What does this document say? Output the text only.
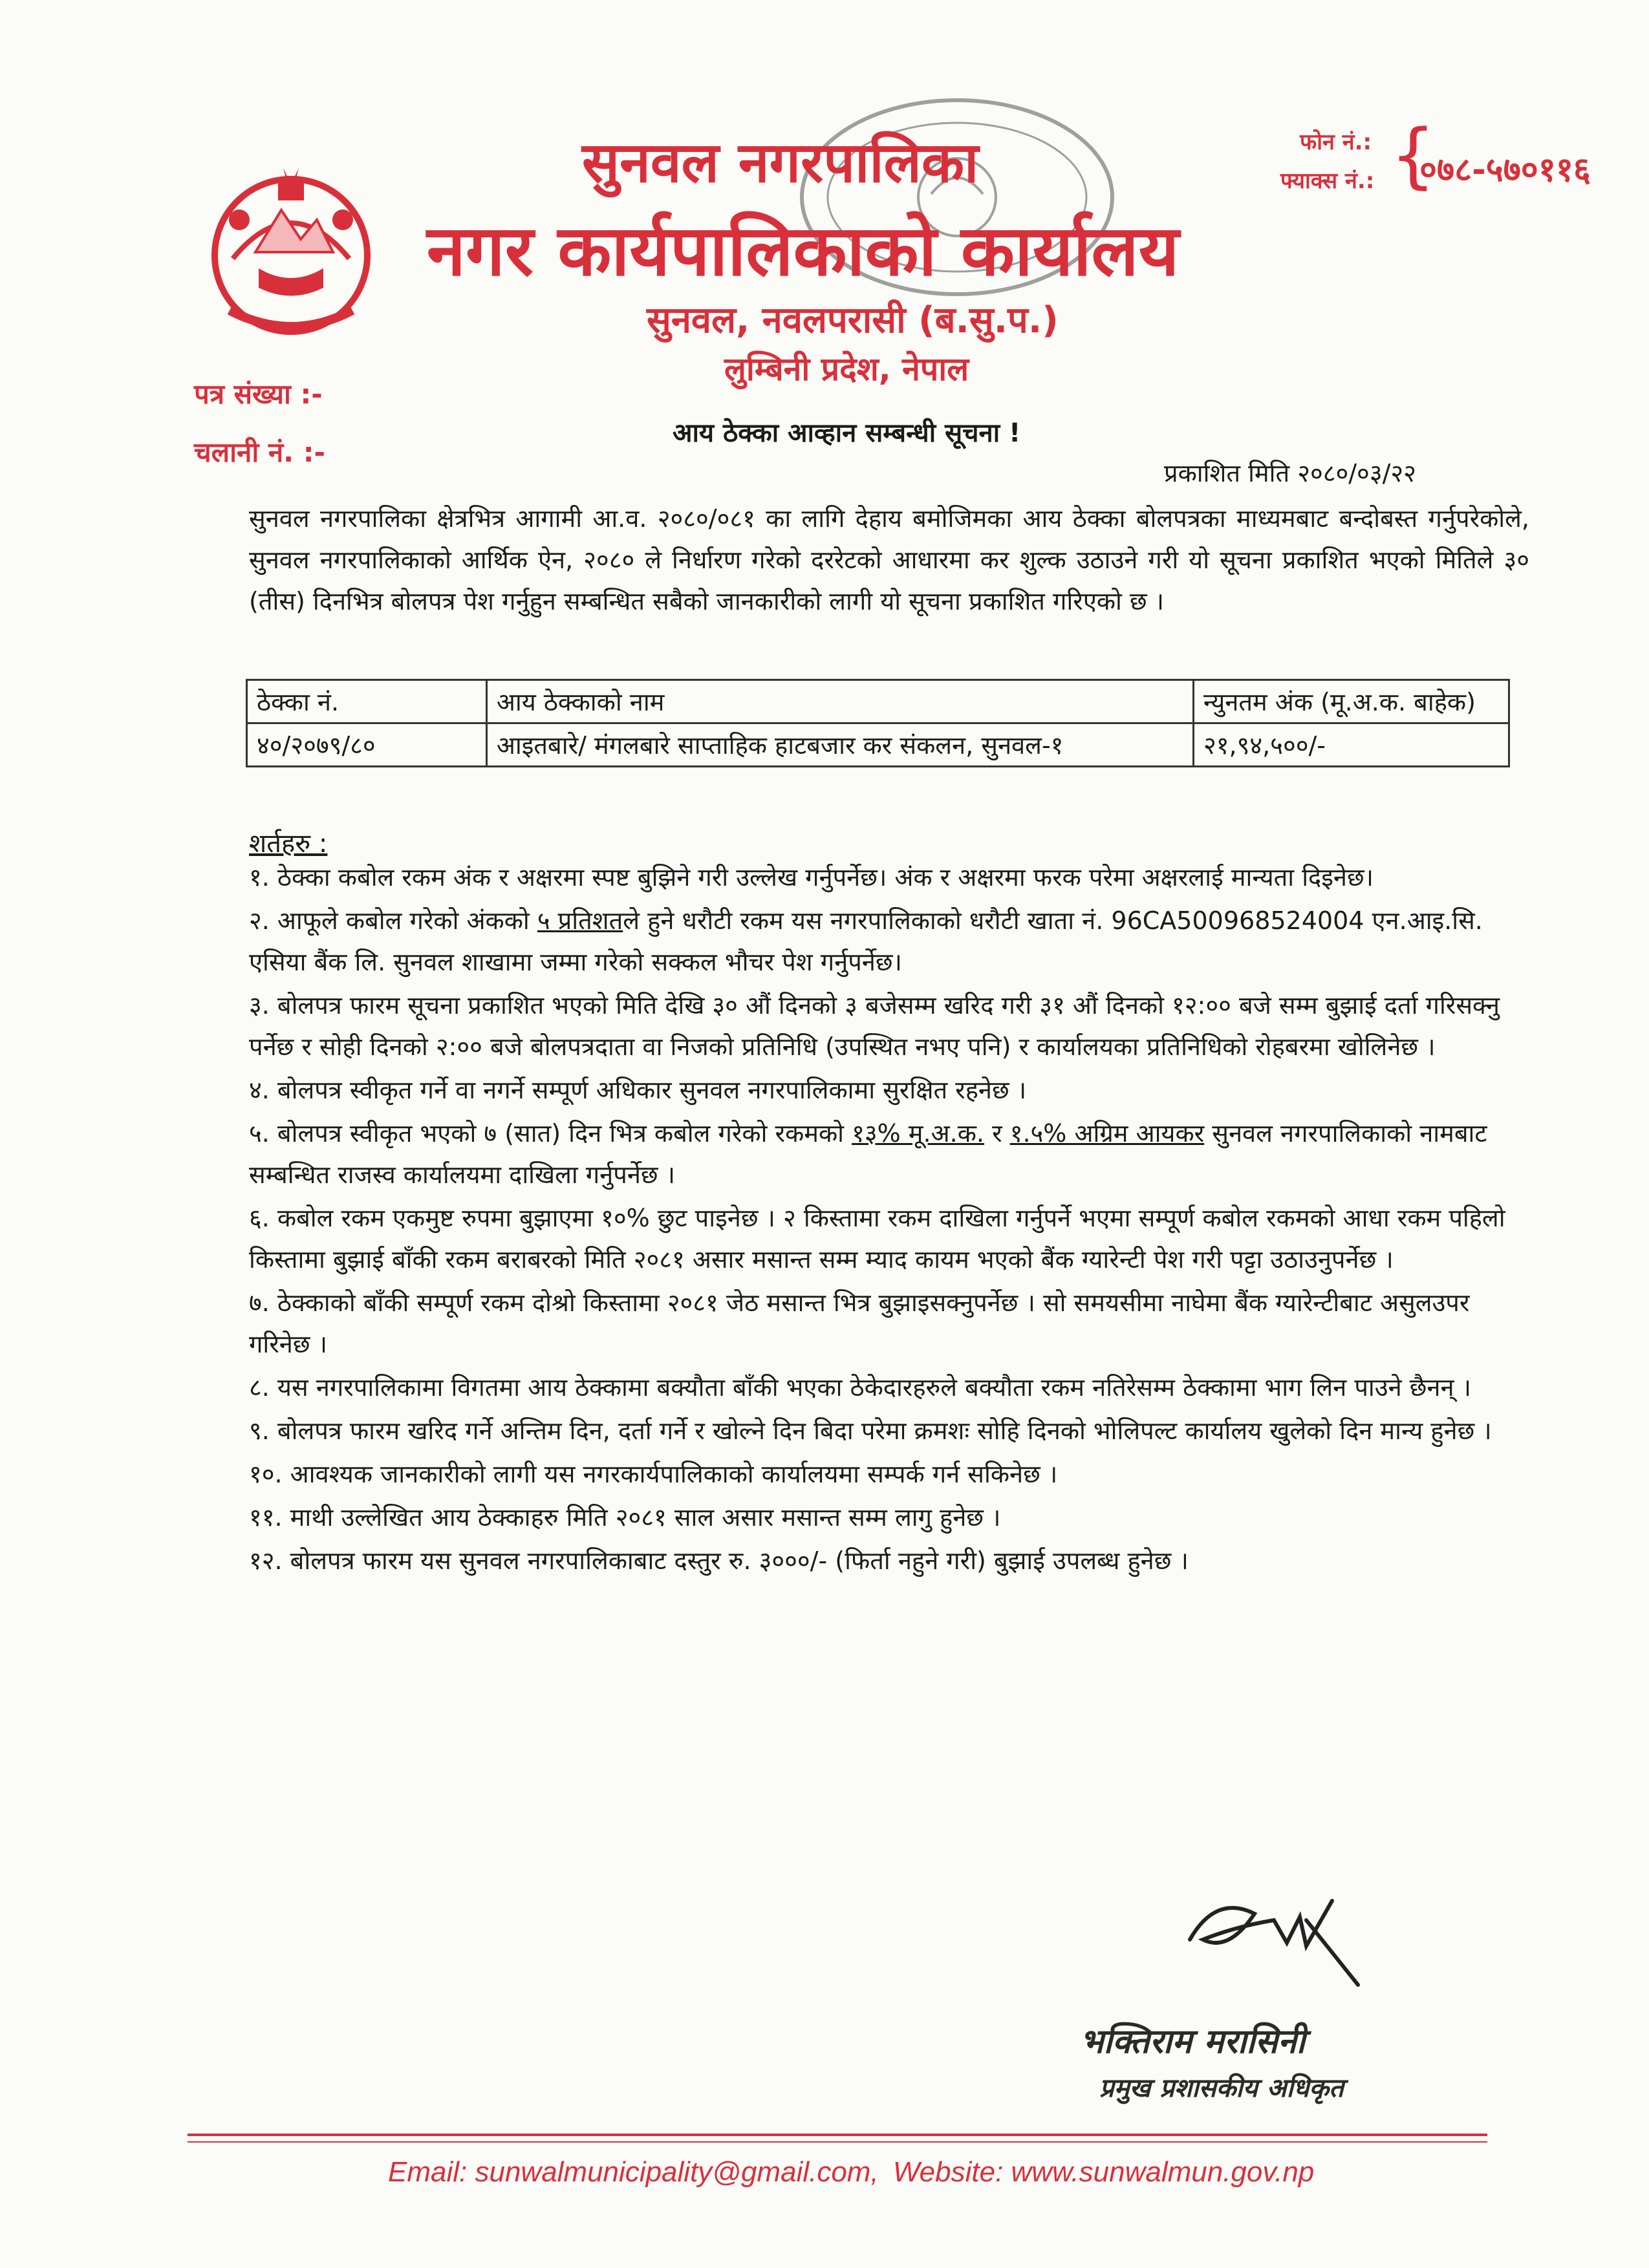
सुनवल नगरपालिका
नगर कार्यपालिकाको कार्यालय
सुनवल, नवलपरासी (ब.सु.प.)
लुम्बिनी प्रदेश, नेपाल
फोन नं.:
फ्याक्स नं.: {
०७८-५७०११६
पत्र संख्या :-
चलानी नं. :-
आय ठेक्का आव्हान सम्बन्धी सूचना !
प्रकाशित मिति २०८०/०३/२२
सुनवल नगरपालिका क्षेत्रभित्र आगामी आ.व. २०८०/०८१ का लागि देहाय बमोजिमका आय ठेक्का बोलपत्रका माध्यमबाट बन्दोबस्त गर्नुपरेकोले, सुनवल नगरपालिकाको आर्थिक ऐन, २०८० ले निर्धारण गरेको दररेटको आधारमा कर शुल्क उठाउने गरी यो सूचना प्रकाशित भएको मितिले ३० (तीस) दिनभित्र बोलपत्र पेश गर्नुहुन सम्बन्धित सबैको जानकारीको लागी यो सूचना प्रकाशित गरिएको छ ।
ठेक्का नं.	आय ठेक्काको नाम	न्युनतम अंक (मू.अ.क. बाहेक)
४०/२०७९/८०	आइतबारे/ मंगलबारे साप्ताहिक हाटबजार कर संकलन, सुनवल-१	२१,९४,५००/-
शर्तहरु :

१. ठेक्का कबोल रकम अंक र अक्षरमा स्पष्ट बुझिने गरी उल्लेख गर्नुपर्नेछ। अंक र अक्षरमा फरक परेमा अक्षरलाई मान्यता दिइनेछ।

२. आफूले कबोल गरेको अंकको ५ प्रतिशतले हुने धरौटी रकम यस नगरपालिकाको धरौटी खाता नं. 96CA500968524004 एन.आइ.सि. एसिया बैंक लि. सुनवल शाखामा जम्मा गरेको सक्कल भौचर पेश गर्नुपर्नेछ।

३. बोलपत्र फारम सूचना प्रकाशित भएको मिति देखि ३० औं दिनको ३ बजेसम्म खरिद गरी ३१ औं दिनको १२:०० बजे सम्म बुझाई दर्ता गरिसक्नु पर्नेछ र सोही दिनको २:०० बजे बोलपत्रदाता वा निजको प्रतिनिधि (उपस्थित नभए पनि) र कार्यालयका प्रतिनिधिको रोहबरमा खोलिनेछ ।

४. बोलपत्र स्वीकृत गर्ने वा नगर्ने सम्पूर्ण अधिकार सुनवल नगरपालिकामा सुरक्षित रहनेछ ।

५. बोलपत्र स्वीकृत भएको ७ (सात) दिन भित्र कबोल गरेको रकमको १३% मू.अ.क. र १.५% अग्रिम आयकर सुनवल नगरपालिकाको नामबाट सम्बन्धित राजस्व कार्यालयमा दाखिला गर्नुपर्नेछ ।

६. कबोल रकम एकमुष्ट रुपमा बुझाएमा १०% छुट पाइनेछ । २ किस्तामा रकम दाखिला गर्नुपर्ने भएमा सम्पूर्ण कबोल रकमको आधा रकम पहिलो किस्तामा बुझाई बाँकी रकम बराबरको मिति २०८१ असार मसान्त सम्म म्याद कायम भएको बैंक ग्यारेन्टी पेश गरी पट्टा उठाउनुपर्नेछ ।

७. ठेक्काको बाँकी सम्पूर्ण रकम दोश्रो किस्तामा २०८१ जेठ मसान्त भित्र बुझाइसक्नुपर्नेछ । सो समयसीमा नाघेमा बैंक ग्यारेन्टीबाट असुलउपर गरिनेछ ।

८. यस नगरपालिकामा विगतमा आय ठेक्कामा बक्यौता बाँकी भएका ठेकेदारहरुले बक्यौता रकम नतिरेसम्म ठेक्कामा भाग लिन पाउने छैनन् ।

९. बोलपत्र फारम खरिद गर्ने अन्तिम दिन, दर्ता गर्ने र खोल्ने दिन बिदा परेमा क्रमशः सोहि दिनको भोलिपल्ट कार्यालय खुलेको दिन मान्य हुनेछ ।

१०. आवश्यक जानकारीको लागी यस नगरकार्यपालिकाको कार्यालयमा सम्पर्क गर्न सकिनेछ ।

११. माथी उल्लेखित आय ठेक्काहरु मिति २०८१ साल असार मसान्त सम्म लागु हुनेछ ।

१२. बोलपत्र फारम यस सुनवल नगरपालिकाबाट दस्तुर रु. ३०००/- (फिर्ता नहुने गरी) बुझाई उपलब्ध हुनेछ ।

भक्तिराम मरासिनी
प्रमुख प्रशासकीय अधिकृत
Email: sunwalmunicipality@gmail.com, Website: www.sunwalmun.gov.np
